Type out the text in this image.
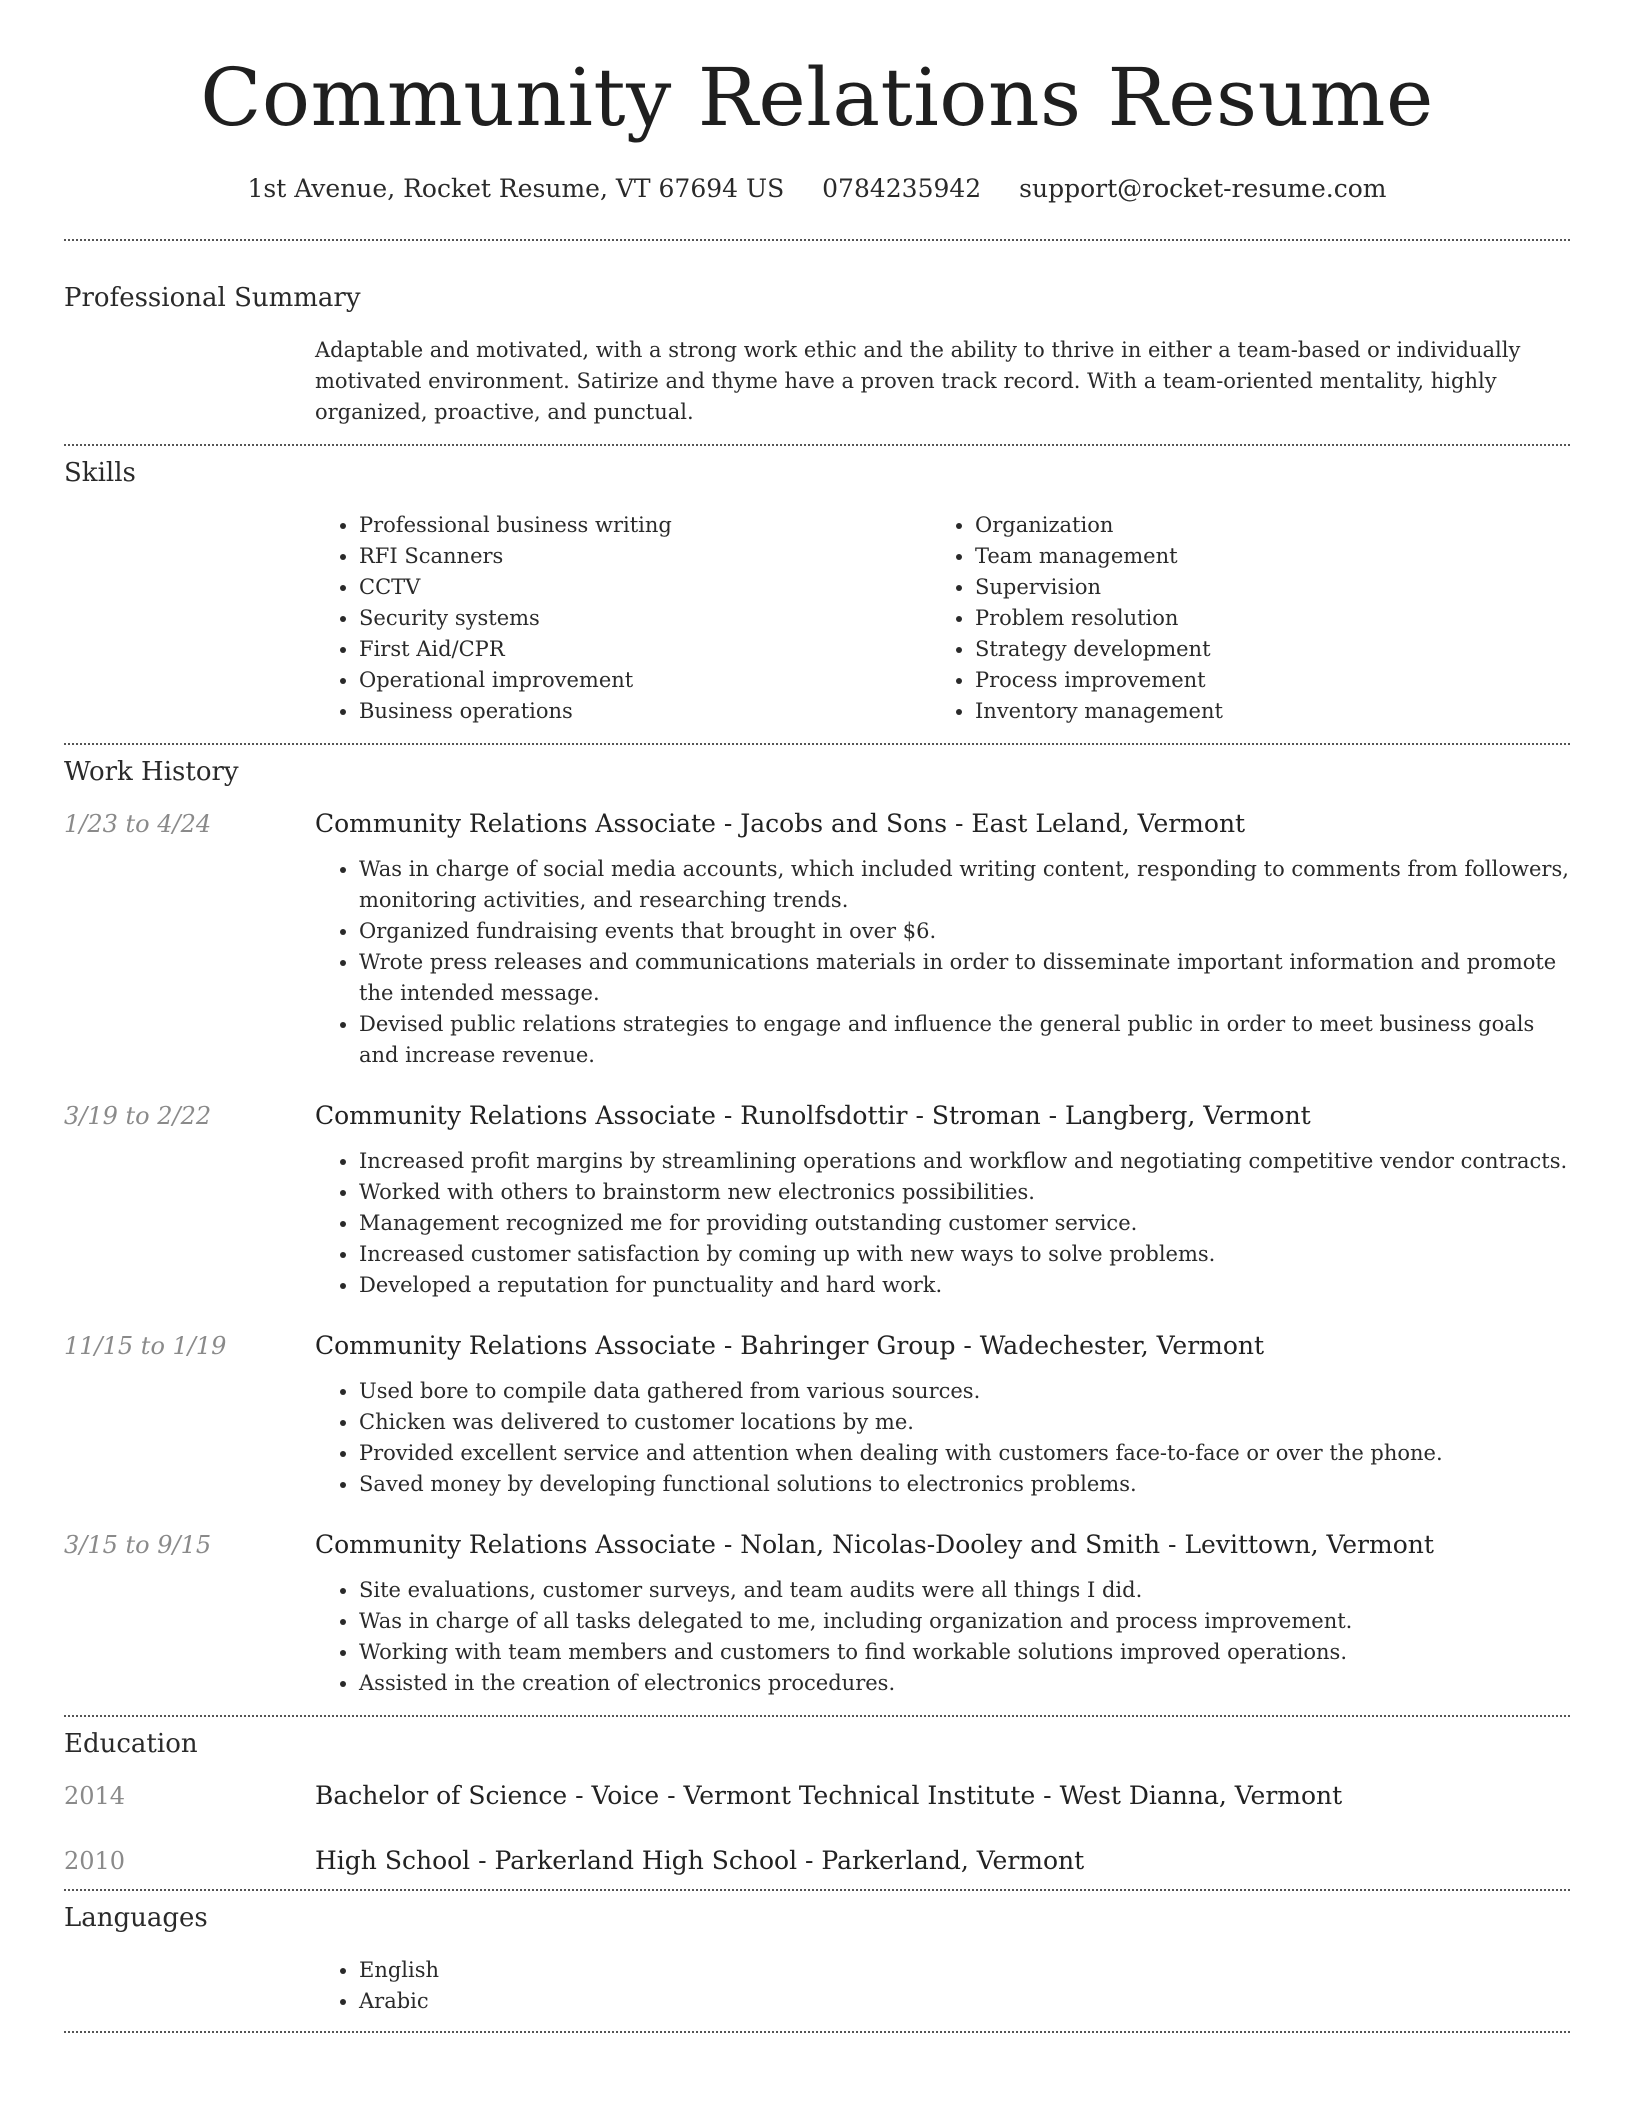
Community Relations Resume
1st Avenue, Rocket Resume, VT 67694 US 0784235942 support@rocket-resume.com
Professional Summary
Adaptable and motivated, with a strong work ethic and the ability to thrive in either a team-based or individually motivated environment. Satirize and thyme have a proven track record. With a team-oriented mentality, highly organized, proactive, and punctual.
Skills
• Professional business writing
• RFI Scanners
• CCTV
• Security systems
• First Aid/CPR
• Operational improvement
• Business operations
• Organization
• Team management
• Supervision
• Problem resolution
• Strategy development
• Process improvement
• Inventory management
Work History
1/23 to 4/24	Community Relations Associate - Jacobs and Sons - East Leland, Vermont
• Was in charge of social media accounts, which included writing content, responding to comments from followers, monitoring activities, and researching trends.
• Organized fundraising events that brought in over $6.
• Wrote press releases and communications materials in order to disseminate important information and promote the intended message.
• Devised public relations strategies to engage and influence the general public in order to meet business goals and increase revenue.
3/19 to 2/22	Community Relations Associate - Runolfsdottir - Stroman - Langberg, Vermont
• Increased profit margins by streamlining operations and workflow and negotiating competitive vendor contracts.
• Worked with others to brainstorm new electronics possibilities.
• Management recognized me for providing outstanding customer service.
• Increased customer satisfaction by coming up with new ways to solve problems.
• Developed a reputation for punctuality and hard work.
11/15 to 1/19	Community Relations Associate - Bahringer Group - Wadechester, Vermont
• Used bore to compile data gathered from various sources.
• Chicken was delivered to customer locations by me.
• Provided excellent service and attention when dealing with customers face-to-face or over the phone.
• Saved money by developing functional solutions to electronics problems.
3/15 to 9/15	Community Relations Associate - Nolan, Nicolas-Dooley and Smith - Levittown, Vermont
• Site evaluations, customer surveys, and team audits were all things I did.
• Was in charge of all tasks delegated to me, including organization and process improvement.
• Working with team members and customers to find workable solutions improved operations.
• Assisted in the creation of electronics procedures.
Education
2014	Bachelor of Science - Voice - Vermont Technical Institute - West Dianna, Vermont
2010	High School - Parkerland High School - Parkerland, Vermont
Languages
• English
• Arabic
